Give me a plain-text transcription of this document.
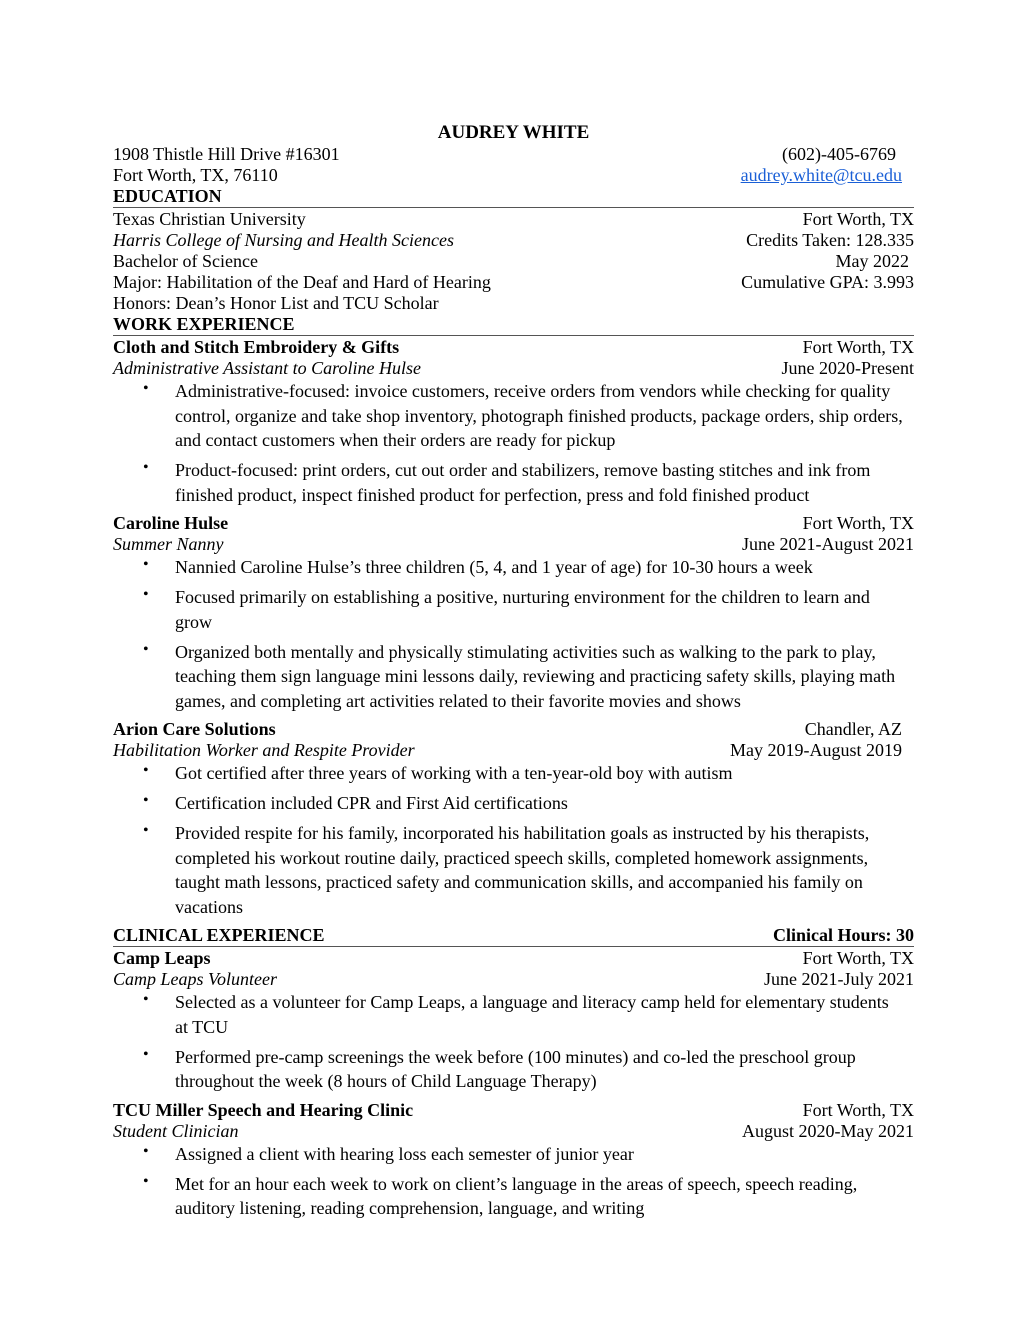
AUDREY WHITE
1908 Thistle Hill Drive #16301	(602)-405-6769
Fort Worth, TX, 76110	audrey.white@tcu.edu
EDUCATION
Texas Christian University	Fort Worth, TX
Harris College of Nursing and Health Sciences	Credits Taken: 128.335
Bachelor of Science	May 2022
Major: Habilitation of the Deaf and Hard of Hearing	Cumulative GPA: 3.993
Honors: Dean’s Honor List and TCU Scholar
WORK EXPERIENCE
Cloth and Stitch Embroidery & Gifts	Fort Worth, TX
Administrative Assistant to Caroline Hulse	June 2020-Present
• Administrative-focused: invoice customers, receive orders from vendors while checking for quality control, organize and take shop inventory, photograph finished products, package orders, ship orders, and contact customers when their orders are ready for pickup
• Product-focused: print orders, cut out order and stabilizers, remove basting stitches and ink from finished product, inspect finished product for perfection, press and fold finished product
Caroline Hulse	Fort Worth, TX
Summer Nanny	June 2021-August 2021
• Nannied Caroline Hulse’s three children (5, 4, and 1 year of age) for 10-30 hours a week
• Focused primarily on establishing a positive, nurturing environment for the children to learn and grow
• Organized both mentally and physically stimulating activities such as walking to the park to play, teaching them sign language mini lessons daily, reviewing and practicing safety skills, playing math games, and completing art activities related to their favorite movies and shows
Arion Care Solutions	Chandler, AZ
Habilitation Worker and Respite Provider	May 2019-August 2019
• Got certified after three years of working with a ten-year-old boy with autism
• Certification included CPR and First Aid certifications
• Provided respite for his family, incorporated his habilitation goals as instructed by his therapists, completed his workout routine daily, practiced speech skills, completed homework assignments, taught math lessons, practiced safety and communication skills, and accompanied his family on vacations
CLINICAL EXPERIENCE	Clinical Hours: 30
Camp Leaps	Fort Worth, TX
Camp Leaps Volunteer	June 2021-July 2021
• Selected as a volunteer for Camp Leaps, a language and literacy camp held for elementary students at TCU
• Performed pre-camp screenings the week before (100 minutes) and co-led the preschool group throughout the week (8 hours of Child Language Therapy)
TCU Miller Speech and Hearing Clinic	Fort Worth, TX
Student Clinician	August 2020-May 2021
• Assigned a client with hearing loss each semester of junior year
• Met for an hour each week to work on client’s language in the areas of speech, speech reading, auditory listening, reading comprehension, language, and writing
